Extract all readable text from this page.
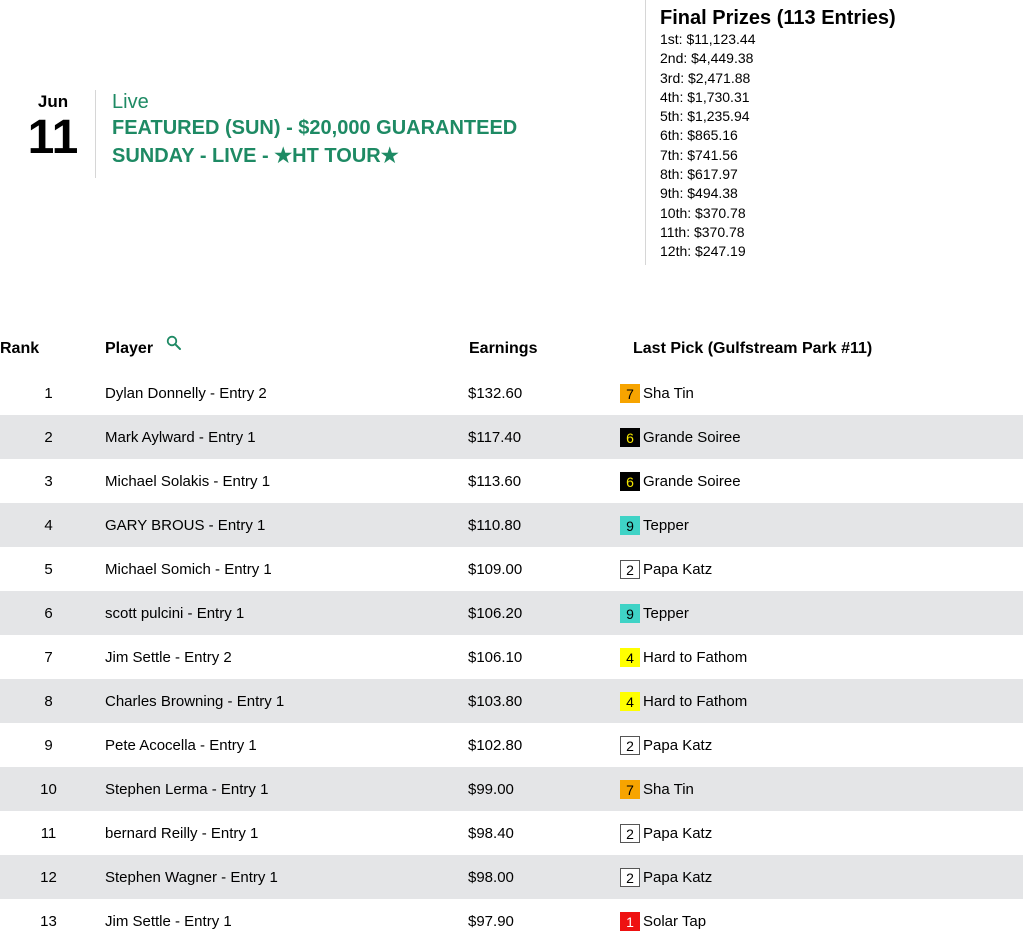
Jun
11
Live
FEATURED (SUN) - $20,000 GUARANTEED
SUNDAY - LIVE - ★HT TOUR★
Final Prizes (113 Entries)
1st: $11,123.44
2nd: $4,449.38
3rd: $2,471.88
4th: $1,730.31
5th: $1,235.94
6th: $865.16
7th: $741.56
8th: $617.97
9th: $494.38
10th: $370.78
11th: $370.78
12th: $247.19
Rank	Player	Earnings	Last Pick (Gulfstream Park #11)
1	Dylan Donnelly - Entry 2	$132.60	7 Sha Tin
2	Mark Aylward - Entry 1	$117.40	6 Grande Soiree
3	Michael Solakis - Entry 1	$113.60	6 Grande Soiree
4	GARY BROUS - Entry 1	$110.80	9 Tepper
5	Michael Somich - Entry 1	$109.00	2 Papa Katz
6	scott pulcini - Entry 1	$106.20	9 Tepper
7	Jim Settle - Entry 2	$106.10	4 Hard to Fathom
8	Charles Browning - Entry 1	$103.80	4 Hard to Fathom
9	Pete Acocella - Entry 1	$102.80	2 Papa Katz
10	Stephen Lerma - Entry 1	$99.00	7 Sha Tin
11	bernard Reilly - Entry 1	$98.40	2 Papa Katz
12	Stephen Wagner - Entry 1	$98.00	2 Papa Katz
13	Jim Settle - Entry 1	$97.90	1 Solar Tap
